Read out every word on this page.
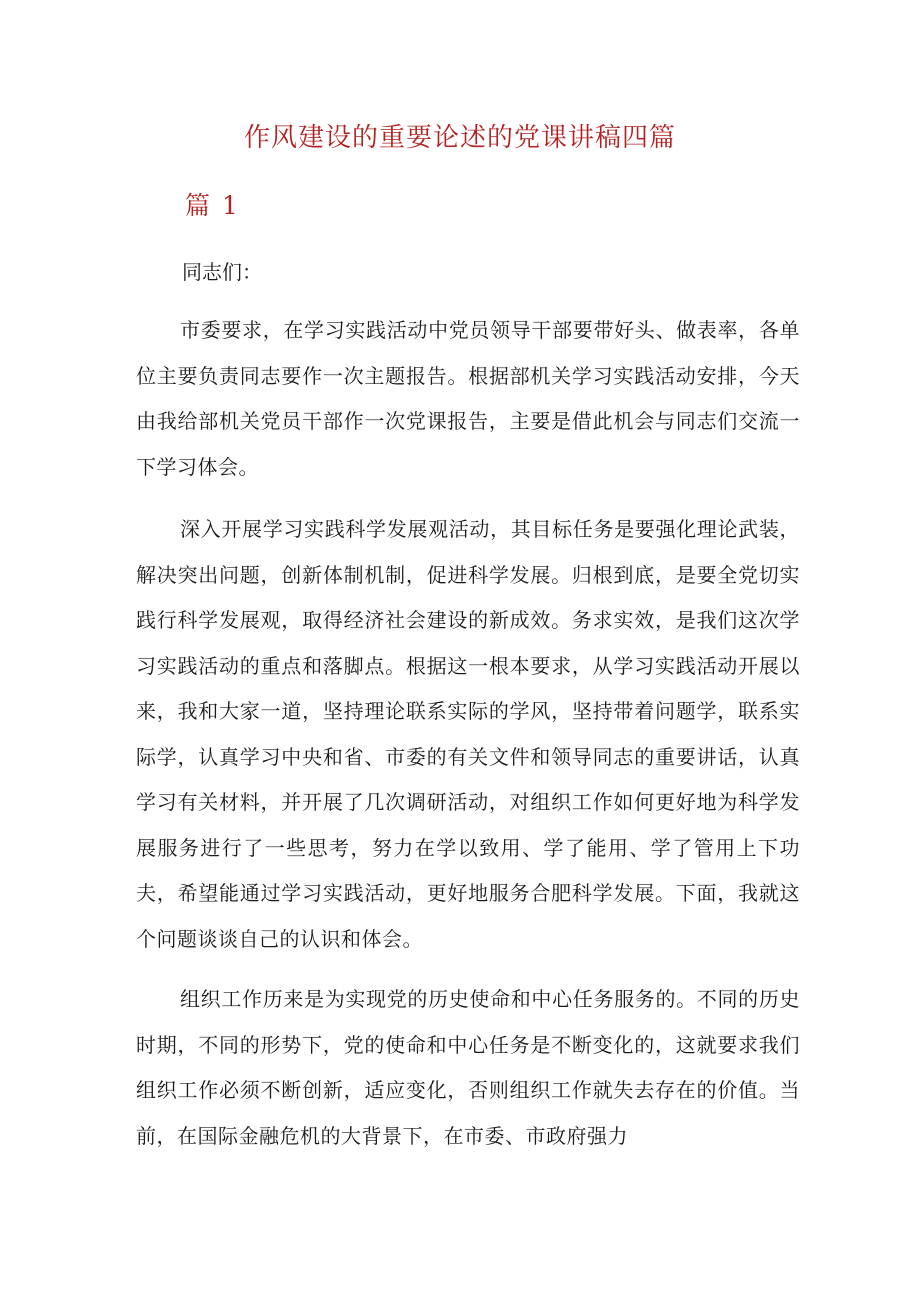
作风建设的重要论述的党课讲稿四篇
篇 1

同志们：

市委要求，在学习实践活动中党员领导干部要带好头、做表率，各单位主要负责同志要作一次主题报告。根据部机关学习实践活动安排，今天由我给部机关党员干部作一次党课报告，主要是借此机会与同志们交流一下学习体会。

深入开展学习实践科学发展观活动，其目标任务是要强化理论武装，解决突出问题，创新体制机制，促进科学发展。归根到底，是要全党切实践行科学发展观，取得经济社会建设的新成效。务求实效，是我们这次学习实践活动的重点和落脚点。根据这一根本要求，从学习实践活动开展以来，我和大家一道，坚持理论联系实际的学风，坚持带着问题学，联系实际学，认真学习中央和省、市委的有关文件和领导同志的重要讲话，认真学习有关材料，并开展了几次调研活动，对组织工作如何更好地为科学发展服务进行了一些思考，努力在学以致用、学了能用、学了管用上下功夫，希望能通过学习实践活动，更好地服务合肥科学发展。下面，我就这个问题谈谈自己的认识和体会。

组织工作历来是为实现党的历史使命和中心任务服务的。不同的历史时期，不同的形势下，党的使命和中心任务是不断变化的，这就要求我们组织工作必须不断创新，适应变化，否则组织工作就失去存在的价值。当前，在国际金融危机的大背景下，在市委、市政府强力
